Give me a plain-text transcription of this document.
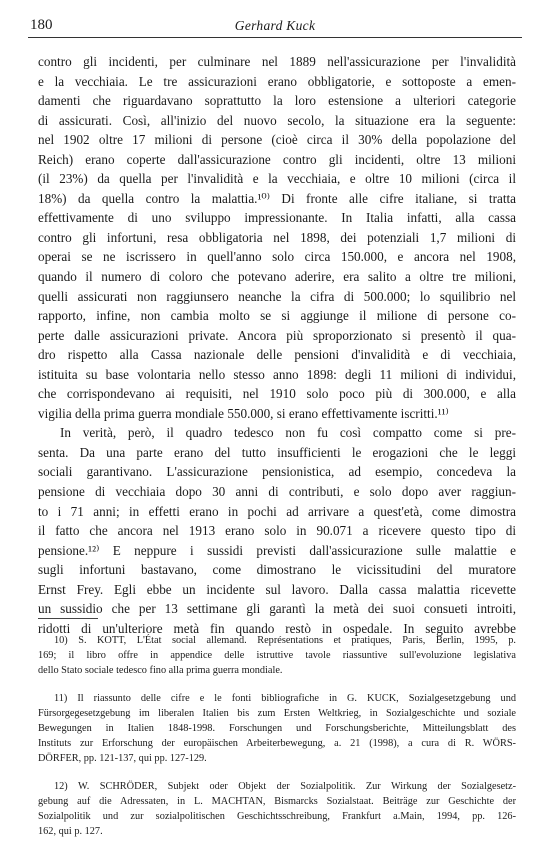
180	Gerhard Kuck
contro gli incidenti, per culminare nel 1889 nell'assicurazione per l'invalidità
e la vecchiaia. Le tre assicurazioni erano obbligatorie, e sottoposte a emen-
damenti che riguardavano soprattutto la loro estensione a ulteriori categorie
di assicurati. Così, all'inizio del nuovo secolo, la situazione era la seguente:
nel 1902 oltre 17 milioni di persone (cioè circa il 30% della popolazione del
Reich) erano coperte dall'assicurazione contro gli incidenti, oltre 13 milioni
(il 23%) da quella per l'invalidità e la vecchiaia, e oltre 10 milioni (circa il
18%) da quella contro la malattia.¹⁰⁾ Di fronte alle cifre italiane, si tratta
effettivamente di uno sviluppo impressionante. In Italia infatti, alla cassa
contro gli infortuni, resa obbligatoria nel 1898, dei potenziali 1,7 milioni di
operai se ne iscrissero in quell'anno solo circa 150.000, e ancora nel 1908,
quando il numero di coloro che potevano aderire, era salito a oltre tre milioni,
quelli assicurati non raggiunsero neanche la cifra di 500.000; lo squilibrio nel
rapporto, infine, non cambia molto se si aggiunge il milione di persone co-
perte dalle assicurazioni private. Ancora più sproporzionato si presentò il qua-
dro rispetto alla Cassa nazionale delle pensioni d'invalidità e di vecchiaia,
istituita su base volontaria nello stesso anno 1898: degli 11 milioni di individui,
che corrispondevano ai requisiti, nel 1910 solo poco più di 300.000, e alla
vigilia della prima guerra mondiale 550.000, si erano effettivamente iscritti.¹¹⁾
In verità, però, il quadro tedesco non fu così compatto come si pre-
senta. Da una parte erano del tutto insufficienti le erogazioni che le leggi
sociali garantivano. L'assicurazione pensionistica, ad esempio, concedeva la
pensione di vecchiaia dopo 30 anni di contributi, e solo dopo aver raggiun-
to i 71 anni; in effetti erano in pochi ad arrivare a quest'età, come dimostra
il fatto che ancora nel 1913 erano solo in 90.071 a ricevere questo tipo di
pensione.¹²⁾ E neppure i sussidi previsti dall'assicurazione sulle malattie e
sugli infortuni bastavano, come dimostrano le vicissitudini del muratore
Ernst Frey. Egli ebbe un incidente sul lavoro. Dalla cassa malattia ricevette
un sussidio che per 13 settimane gli garantì la metà dei suoi consueti introiti,
ridotti di un'ulteriore metà fin quando restò in ospedale. In seguito avrebbe
10) S. KOTT, L'État social allemand. Représentations et pratiques, Paris, Berlin, 1995, p.
169; il libro offre in appendice delle istruttive tavole riassuntive sull'evoluzione legislativa
dello Stato sociale tedesco fino alla prima guerra mondiale.
11) Il riassunto delle cifre e le fonti bibliografiche in G. KUCK, Sozialgesetzgebung und
Fürsorgegesetzgebung im liberalen Italien bis zum Ersten Weltkrieg, in Sozialgeschichte und soziale
Bewegungen in Italien 1848-1998. Forschungen und Forschungsberichte, Mitteilungsblatt des
Instituts zur Erforschung der europäischen Arbeiterbewegung, a. 21 (1998), a cura di R. WÖRS-
DÖRFER, pp. 121-137, qui pp. 127-129.
12) W. SCHRÖDER, Subjekt oder Objekt der Sozialpolitik. Zur Wirkung der Sozialgesetz-
gebung auf die Adressaten, in L. MACHTAN, Bismarcks Sozialstaat. Beiträge zur Geschichte der
Sozialpolitik und zur sozialpolitischen Geschichtsschreibung, Frankfurt a.Main, 1994, pp. 126-
162, qui p. 127.
